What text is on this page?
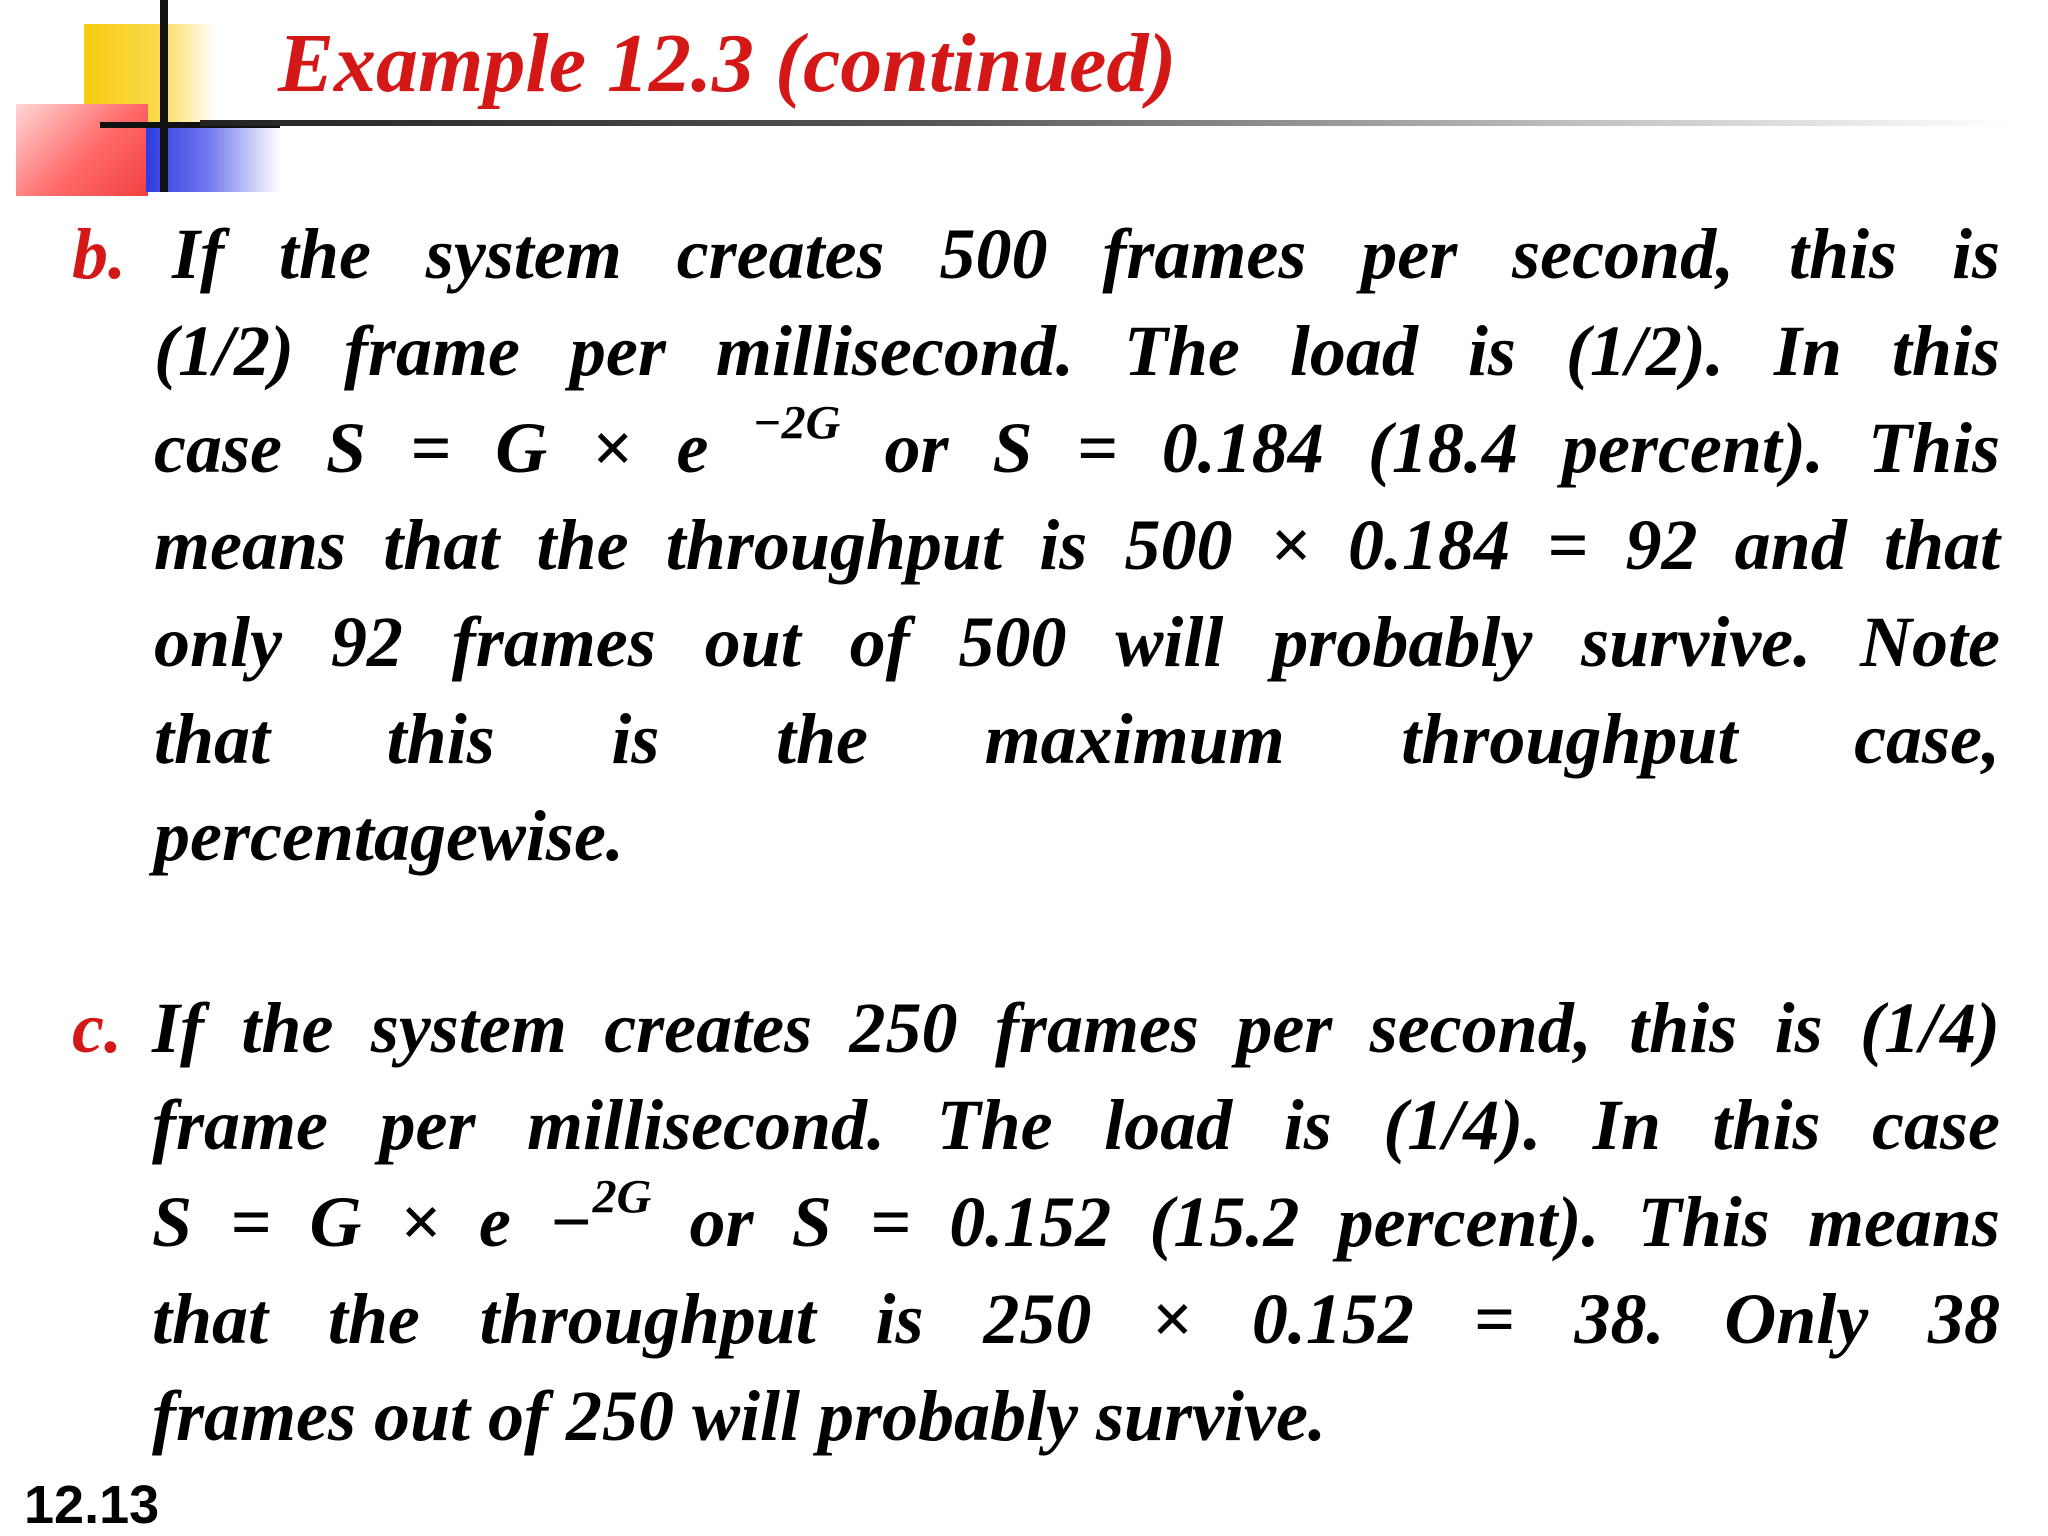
Example 12.3 (continued)
b. If the system creates 500 frames per second, this is
(1/2) frame per millisecond. The load is (1/2). In this
case S = G × e $^{-2G}$ or S = 0.184 (18.4 percent). This
means that the throughput is 500 × 0.184 = 92 and that
only 92 frames out of 500 will probably survive. Note
that this is the maximum throughput case,
percentagewise.
c. If the system creates 250 frames per second, this is (1/4)
frame per millisecond. The load is (1/4). In this case
S = G × e −$^{2G}$ or S = 0.152 (15.2 percent). This means
that the throughput is 250 × 0.152 = 38. Only 38
frames out of 250 will probably survive.
12.13
